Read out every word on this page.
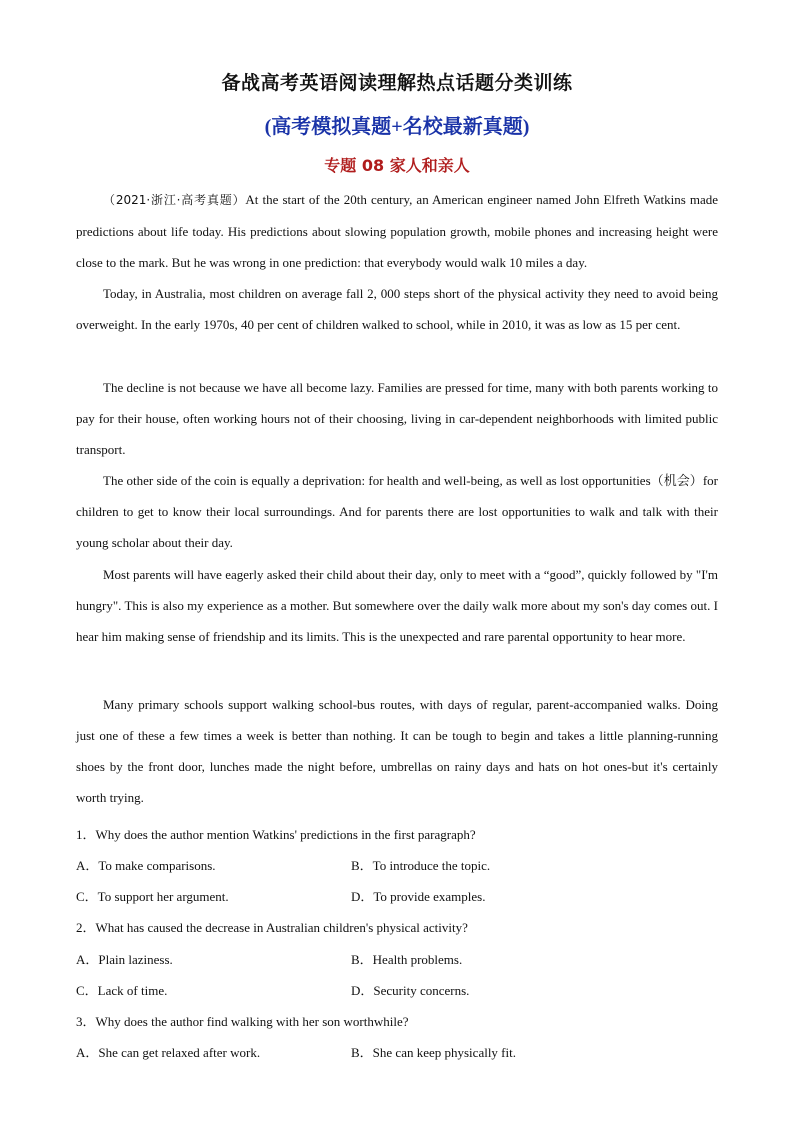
备战高考英语阅读理解热点话题分类训练
(高考模拟真题+名校最新真题)
专题 08 家人和亲人

（2021·浙江·高考真题）At the start of the 20th century, an American engineer named John Elfreth Watkins made predictions about life today. His predictions about slowing population growth, mobile phones and increasing height were close to the mark. But he was wrong in one prediction: that everybody would walk 10 miles a day.

Today, in Australia, most children on average fall 2, 000 steps short of the physical activity they need to avoid being overweight. In the early 1970s, 40 per cent of children walked to school, while in 2010, it was as low as 15 per cent.

The decline is not because we have all become lazy. Families are pressed for time, many with both parents working to pay for their house, often working hours not of their choosing, living in car-dependent neighborhoods with limited public transport.

The other side of the coin is equally a deprivation: for health and well-being, as well as lost opportunities（机会）for children to get to know their local surroundings. And for parents there are lost opportunities to walk and talk with their young scholar about their day.

Most parents will have eagerly asked their child about their day, only to meet with a “good”, quickly followed by "I'm hungry". This is also my experience as a mother. But somewhere over the daily walk more about my son's day comes out. I hear him making sense of friendship and its limits. This is the unexpected and rare parental opportunity to hear more.

Many primary schools support walking school-bus routes, with days of regular, parent-accompanied walks. Doing just one of these a few times a week is better than nothing. It can be tough to begin and takes a little planning-running shoes by the front door, lunches made the night before, umbrellas on rainy days and hats on hot ones-but it's certainly worth trying.

1．Why does the author mention Watkins' predictions in the first paragraph?

A．To make comparisons.	B．To introduce the topic.

C．To support her argument.	D．To provide examples.

2．What has caused the decrease in Australian children's physical activity?

A．Plain laziness.	B．Health problems.

C．Lack of time.	D．Security concerns.

3．Why does the author find walking with her son worthwhile?

A．She can get relaxed after work.	B．She can keep physically fit.
